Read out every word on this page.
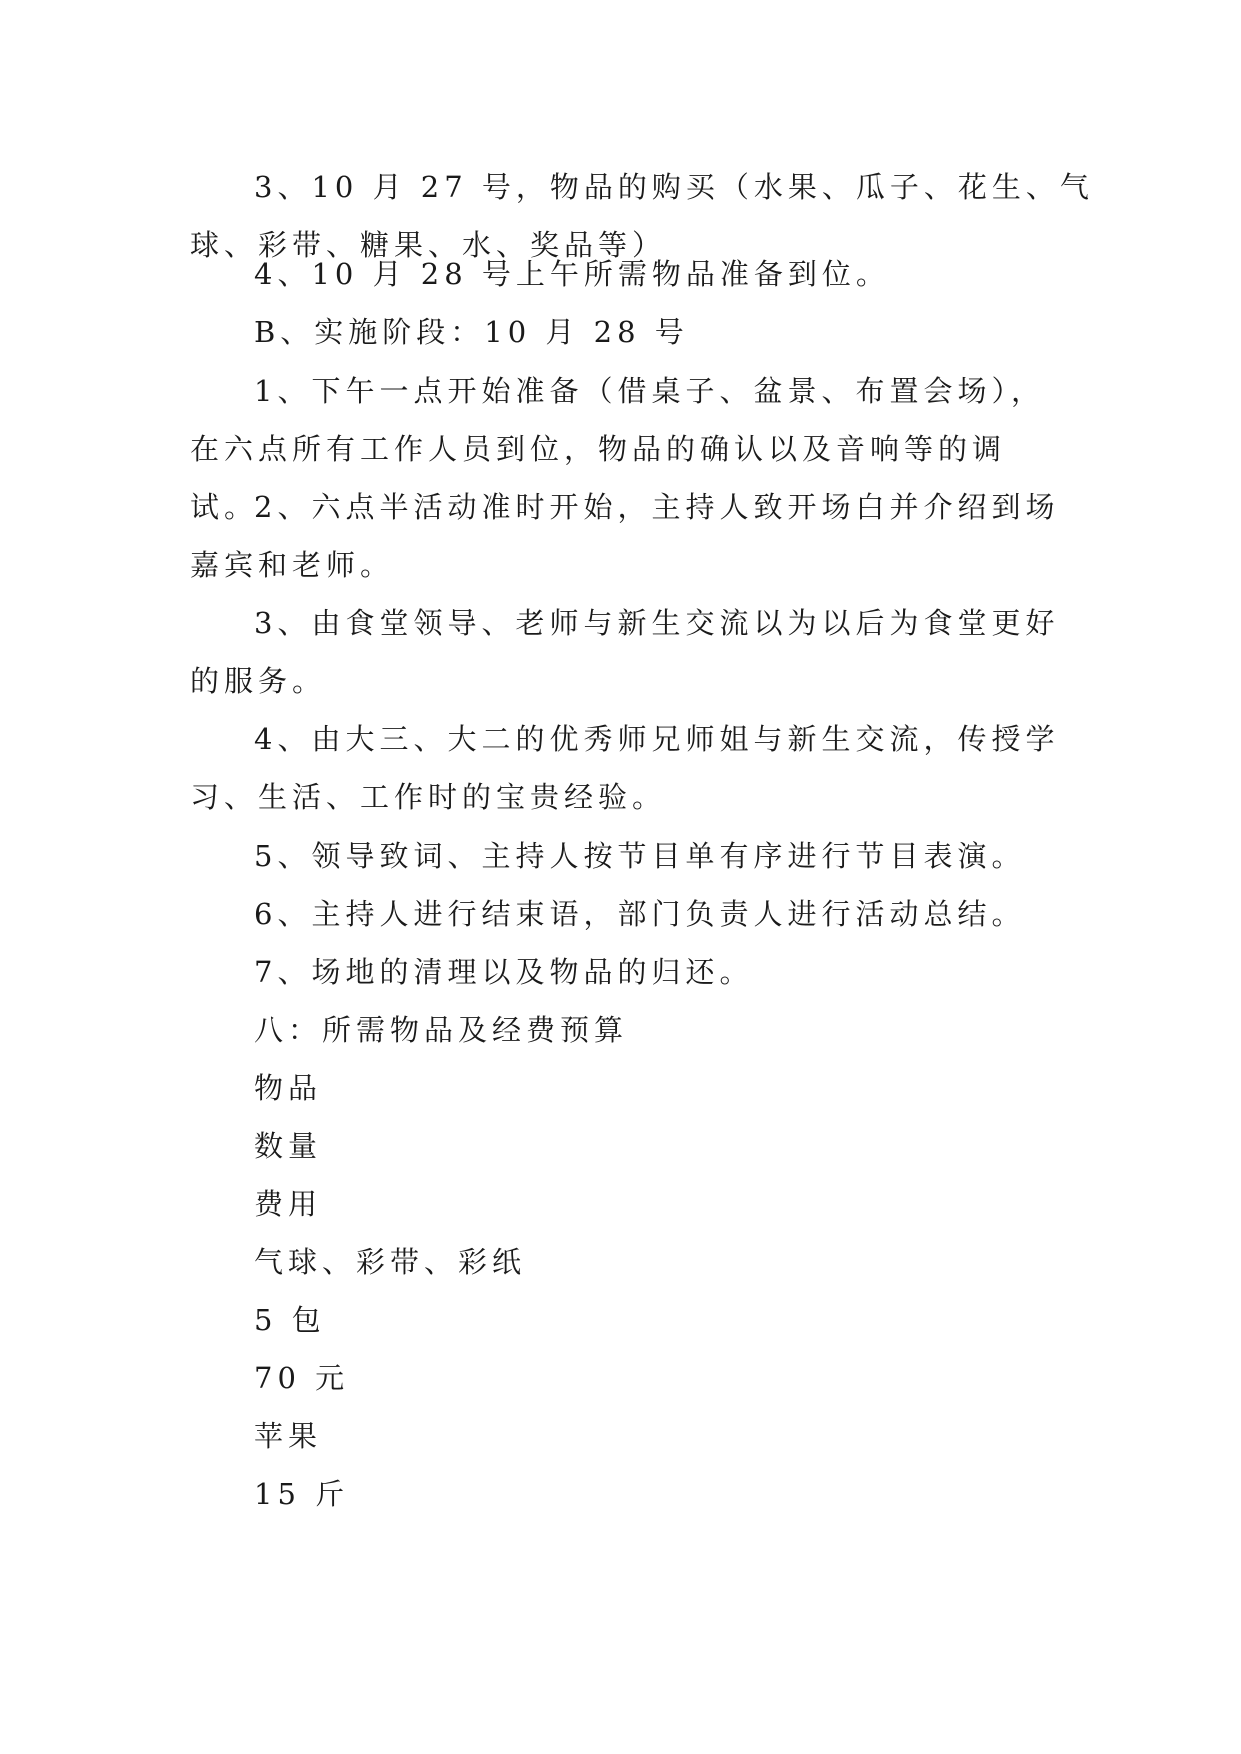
3、10 月 27 号，物品的购买（水果、瓜子、花生、气球、彩带、糖果、水、奖品等）

4、10 月 28 号上午所需物品准备到位。

B、实施阶段：10 月 28 号

1、下午一点开始准备（借桌子、盆景、布置会场），在六点所有工作人员到位，物品的确认以及音响等的调试。

2、六点半活动准时开始，主持人致开场白并介绍到场嘉宾和老师。

3、由食堂领导、老师与新生交流以为以后为食堂更好的服务。

4、由大三、大二的优秀师兄师姐与新生交流，传授学习、生活、工作时的宝贵经验。

5、领导致词、主持人按节目单有序进行节目表演。

6、主持人进行结束语，部门负责人进行活动总结。

7、场地的清理以及物品的归还。

八：所需物品及经费预算

物品

数量

费用

气球、彩带、彩纸

5 包

70 元

苹果

15 斤
